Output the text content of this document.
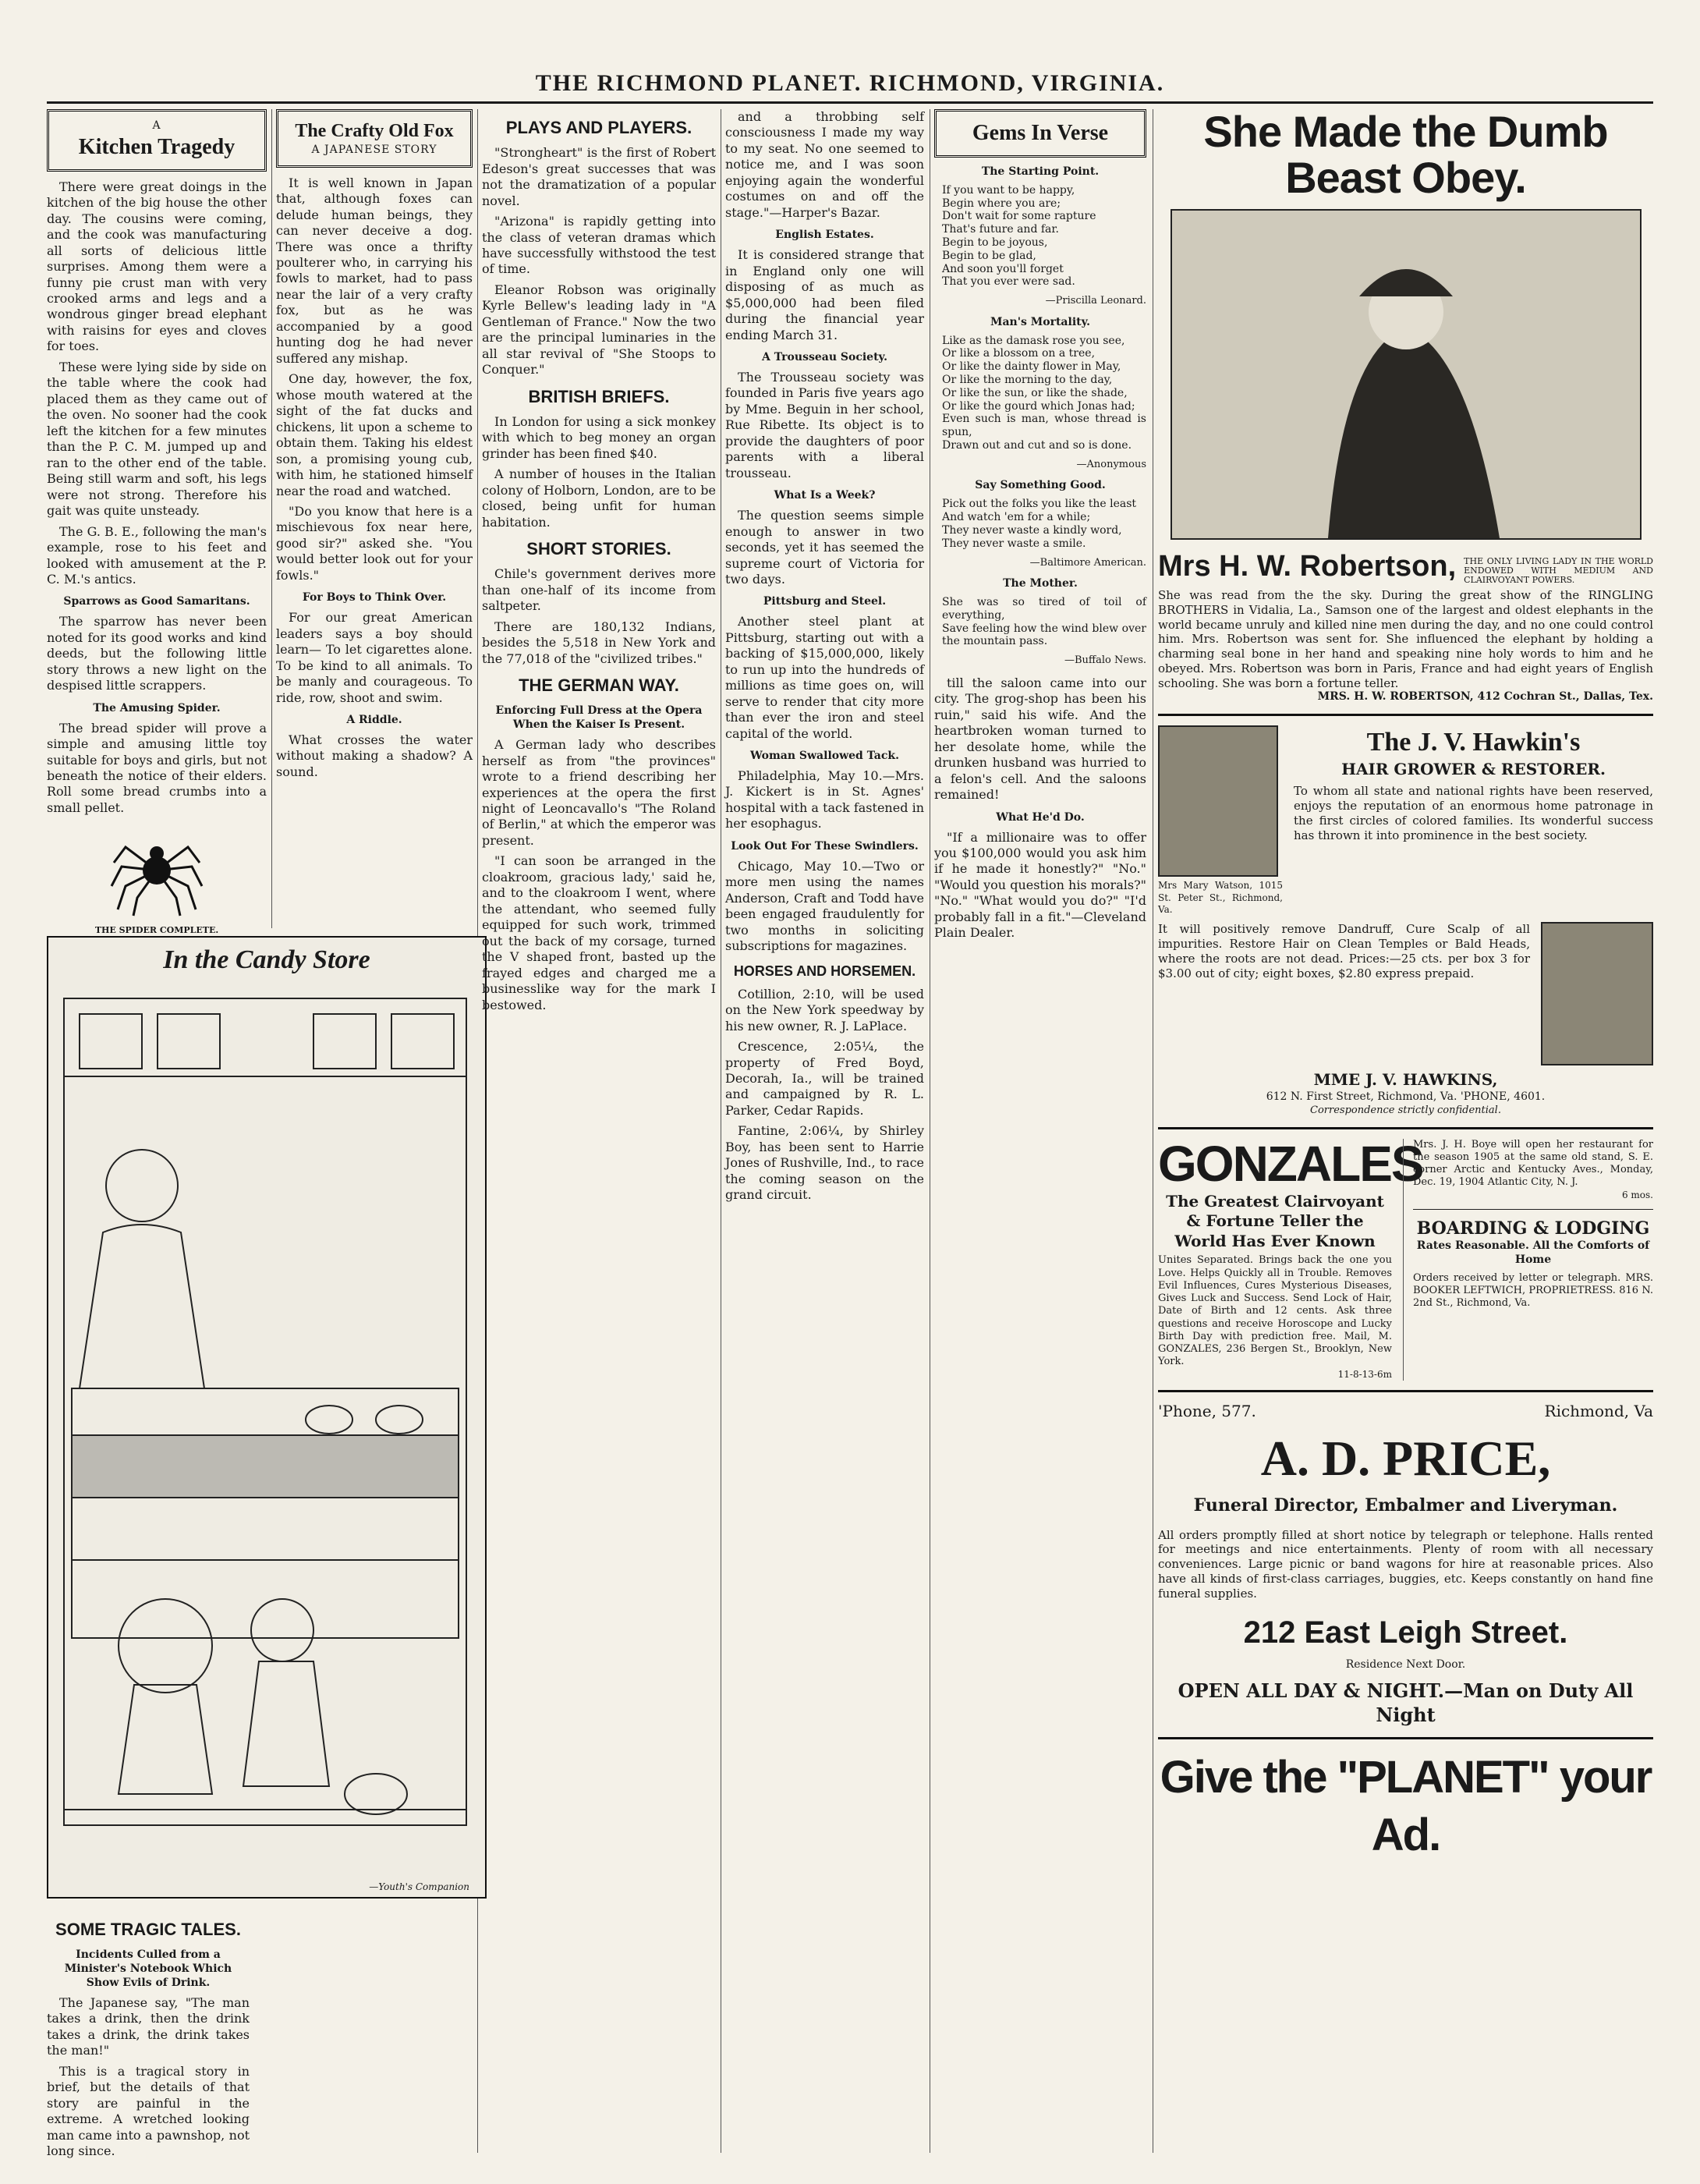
THE RICHMOND PLANET. RICHMOND, VIRGINIA.
A
Kitchen Tragedy

There were great doings in the kitchen of the big house the other day. The cousins were coming, and the cook was manufacturing all sorts of delicious little surprises. Among them were a funny pie crust man with very crooked arms and legs and a wondrous ginger bread elephant with raisins for eyes and cloves for toes.

These were lying side by side on the table where the cook had placed them as they came out of the oven. No sooner had the cook left the kitchen for a few minutes than the P. C. M. jumped up and ran to the other end of the table. Being still warm and soft, his legs were not strong. Therefore his gait was quite unsteady.

The G. B. E., following the man's example, rose to his feet and looked with amusement at the P. C. M.'s antics.

Sparrows as Good Samaritans.

The sparrow has never been noted for its good works and kind deeds, but the following little story throws a new light on the despised little scrappers.

The Amusing Spider.

The bread spider will prove a simple and amusing little toy suitable for boys and girls, but not beneath the notice of their elders. Roll some bread crumbs into a small pellet.

THE SPIDER COMPLETE.
The Crafty Old Fox
A JAPANESE STORY

It is well known in Japan that, although foxes can delude human beings, they can never deceive a dog. There was once a thrifty poulterer who, in carrying his fowls to market, had to pass near the lair of a very crafty fox, but as he was accompanied by a good hunting dog he had never suffered any mishap.

One day, however, the fox, whose mouth watered at the sight of the fat ducks and chickens, lit upon a scheme to obtain them. Taking his eldest son, a promising young cub, with him, he stationed himself near the road and watched.

"Do you know that here is a mischievous fox near here, good sir?" asked she. "You would better look out for your fowls."

For Boys to Think Over.

For our great American leaders says a boy should learn— To let cigarettes alone. To be kind to all animals. To be manly and courageous. To ride, row, shoot and swim.

A Riddle.

What crosses the water without making a shadow? A sound.

In the Candy Store
—Youth's Companion
SOME TRAGIC TALES.
Incidents Culled from a Minister's Notebook Which Show Evils of Drink.

The Japanese say, "The man takes a drink, then the drink takes a drink, the drink takes the man!"

This is a tragical story in brief, but the details of that story are painful in the extreme. A wretched looking man came into a pawnshop, not long since.

PLAYS AND PLAYERS.

"Strongheart" is the first of Robert Edeson's great successes that was not the dramatization of a popular novel.

"Arizona" is rapidly getting into the class of veteran dramas which have successfully withstood the test of time.

Eleanor Robson was originally Kyrle Bellew's leading lady in "A Gentleman of France." Now the two are the principal luminaries in the all star revival of "She Stoops to Conquer."

BRITISH BRIEFS.

In London for using a sick monkey with which to beg money an organ grinder has been fined $40.

A number of houses in the Italian colony of Holborn, London, are to be closed, being unfit for human habitation.

SHORT STORIES.

Chile's government derives more than one-half of its income from saltpeter.

There are 180,132 Indians, besides the 5,518 in New York and the 77,018 of the "civilized tribes."

THE GERMAN WAY.
Enforcing Full Dress at the Opera When the Kaiser Is Present.

A German lady who describes herself as from "the provinces" wrote to a friend describing her experiences at the opera the first night of Leoncavallo's "The Roland of Berlin," at which the emperor was present.

"I can soon be arranged in the cloakroom, gracious lady,' said he, and to the cloakroom I went, where the attendant, who seemed fully equipped for such work, trimmed out the back of my corsage, turned the V shaped front, basted up the frayed edges and charged me a businesslike way for the mark I bestowed.

and a throbbing self consciousness I made my way to my seat. No one seemed to notice me, and I was soon enjoying again the wonderful costumes on and off the stage."—Harper's Bazar.

English Estates.

It is considered strange that in England only one will disposing of as much as $5,000,000 had been filed during the financial year ending March 31.

A Trousseau Society.

The Trousseau society was founded in Paris five years ago by Mme. Beguin in her school, Rue Ribette. Its object is to provide the daughters of poor parents with a liberal trousseau.

What Is a Week?

The question seems simple enough to answer in two seconds, yet it has seemed the supreme court of Victoria for two days.

Pittsburg and Steel.

Another steel plant at Pittsburg, starting out with a backing of $15,000,000, likely to run up into the hundreds of millions as time goes on, will serve to render that city more than ever the iron and steel capital of the world.

Woman Swallowed Tack.

Philadelphia, May 10.—Mrs. J. Kickert is in St. Agnes' hospital with a tack fastened in her esophagus.

Look Out For These Swindlers.

Chicago, May 10.—Two or more men using the names Anderson, Craft and Todd have been engaged fraudulently for two months in soliciting subscriptions for magazines.

HORSES AND HORSEMEN.

Cotillion, 2:10, will be used on the New York speedway by his new owner, R. J. LaPlace.

Crescence, 2:05¼, the property of Fred Boyd, Decorah, Ia., will be trained and campaigned by R. L. Parker, Cedar Rapids.

Fantine, 2:06¼, by Shirley Boy, has been sent to Harrie Jones of Rushville, Ind., to race the coming season on the grand circuit.

Gems In Verse
The Starting Point.
If you want to be happy,
Begin where you are;
Don't wait for some rapture
That's future and far.
Begin to be joyous,
Begin to be glad,
And soon you'll forget
That you ever were sad.
—Priscilla Leonard.
Man's Mortality.
Like as the damask rose you see,
Or like a blossom on a tree,
Or like the dainty flower in May,
Or like the morning to the day,
Or like the sun, or like the shade,
Or like the gourd which Jonas had;
Even such is man, whose thread is spun,
Drawn out and cut and so is done.
—Anonymous
Say Something Good.
Pick out the folks you like the least
And watch 'em for a while;
They never waste a kindly word,
They never waste a smile.
—Baltimore American.
The Mother.
She was so tired of toil of everything,
Save feeling how the wind blew over the mountain pass.
—Buffalo News.

till the saloon came into our city. The grog-shop has been his ruin," said his wife. And the heartbroken woman turned to her desolate home, while the drunken husband was hurried to a felon's cell. And the saloons remained!

What He'd Do.

"If a millionaire was to offer you $100,000 would you ask him if he made it honestly?" "No." "Would you question his morals?" "No." "What would you do?" "I'd probably fall in a fit."—Cleveland Plain Dealer.

She Made the Dumb Beast Obey.
Mrs H. W. Robertson, THE ONLY LIVING LADY IN THE WORLD ENDOWED WITH MEDIUM AND CLAIRVOYANT POWERS.
She was read from the the sky. During the great show of the RINGLING BROTHERS in Vidalia, La., Samson one of the largest and oldest elephants in the world became unruly and killed nine men during the day, and no one could control him. Mrs. Robertson was sent for. She influenced the elephant by holding a charming seal bone in her hand and speaking nine holy words to him and he obeyed. Mrs. Robertson was born in Paris, France and had eight years of English schooling. She was born a fortune teller.
MRS. H. W. ROBERTSON, 412 Cochran St., Dallas, Tex.
Mrs Mary Watson, 1015 St. Peter St., Richmond, Va.
The J. V. Hawkin's
HAIR GROWER & RESTORER.
To whom all state and national rights have been reserved, enjoys the reputation of an enormous home patronage in the first circles of colored families. Its wonderful success has thrown it into prominence in the best society.
It will positively remove Dandruff, Cure Scalp of all impurities. Restore Hair on Clean Temples or Bald Heads, where the roots are not dead. Prices:—25 cts. per box 3 for $3.00 out of city; eight boxes, $2.80 express prepaid.
MME J. V. HAWKINS,
612 N. First Street, Richmond, Va. 'PHONE, 4601.
Correspondence strictly confidential.
GONZALES
The Greatest Clairvoyant & Fortune Teller the World Has Ever Known
Unites Separated. Brings back the one you Love. Helps Quickly all in Trouble. Removes Evil Influences, Cures Mysterious Diseases, Gives Luck and Success. Send Lock of Hair, Date of Birth and 12 cents. Ask three questions and receive Horoscope and Lucky Birth Day with prediction free. Mail, M. GONZALES, 236 Bergen St., Brooklyn, New York.
11-8-13-6m
Mrs. J. H. Boye will open her restaurant for the season 1905 at the same old stand, S. E. corner Arctic and Kentucky Aves., Monday, Dec. 19, 1904 Atlantic City, N. J.
6 mos.
BOARDING & LODGING
Rates Reasonable. All the Comforts of Home
Orders received by letter or telegraph. MRS. BOOKER LEFTWICH, PROPRIETRESS. 816 N. 2nd St., Richmond, Va.
'Phone, 577.	Richmond, Va
A. D. PRICE,
Funeral Director, Embalmer and Liveryman.
All orders promptly filled at short notice by telegraph or telephone. Halls rented for meetings and nice entertainments. Plenty of room with all necessary conveniences. Large picnic or band wagons for hire at reasonable prices. Also have all kinds of first-class carriages, buggies, etc. Keeps constantly on hand fine funeral supplies.
212 East Leigh Street.
Residence Next Door.
OPEN ALL DAY & NIGHT.—Man on Duty All Night
Give the "PLANET" your Ad.
